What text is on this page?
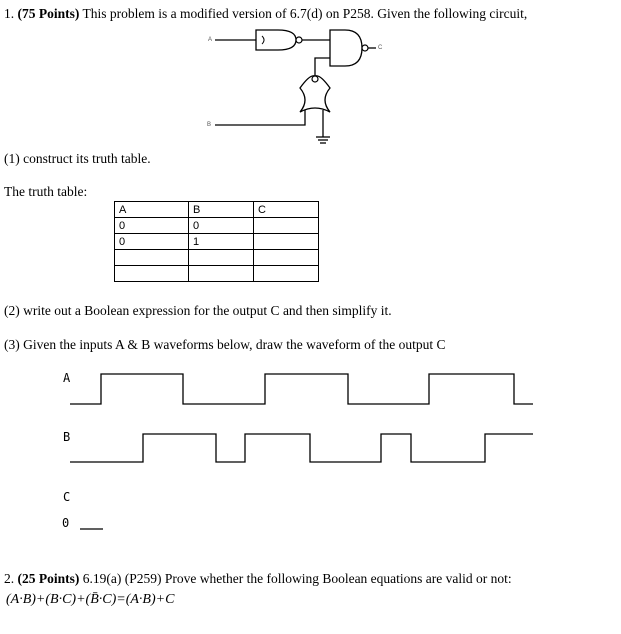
1. (75 Points) This problem is a modified version of 6.7(d) on P258. Given the following circuit,
A
B
C
(1) construct its truth table.
The truth table:
A	B	C
0	0	
0	1	

(2) write out a Boolean expression for the output C and then simplify it.
(3) Given the inputs A & B waveforms below, draw the waveform of the output C
A
B
C
0
2. (25 Points) 6.19(a) (P259) Prove whether the following Boolean equations are valid or not:
(A·B)+(B·C)+(B̄·C)=(A·B)+C
